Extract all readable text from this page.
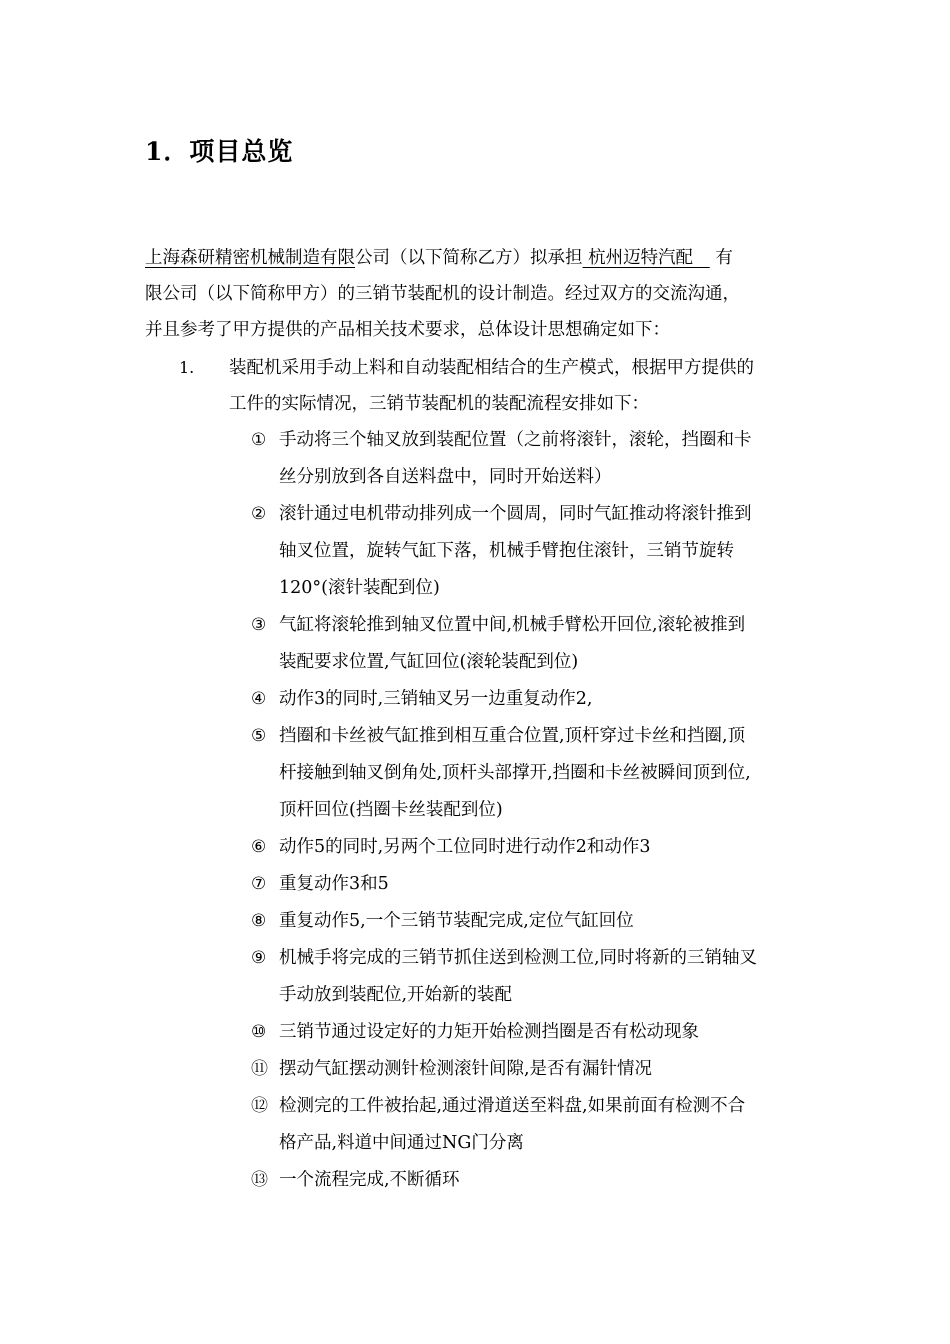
1．项目总览
上海森研精密机械制造有限公司（以下简称乙方）拟承担 杭州迈特汽配    有
限公司（以下简称甲方）的三销节装配机的设计制造。经过双方的交流沟通，
并且参考了甲方提供的产品相关技术要求，总体设计思想确定如下：
1. 装配机采用手动上料和自动装配相结合的生产模式，根据甲方提供的
工件的实际情况，三销节装配机的装配流程安排如下：
① 手动将三个轴叉放到装配位置（之前将滚针，滚轮，挡圈和卡
丝分别放到各自送料盘中，同时开始送料）
② 滚针通过电机带动排列成一个圆周，同时气缸推动将滚针推到
轴叉位置，旋转气缸下落，机械手臂抱住滚针，三销节旋转
120°(滚针装配到位)
③ 气缸将滚轮推到轴叉位置中间,机械手臂松开回位,滚轮被推到
装配要求位置,气缸回位(滚轮装配到位)
④ 动作3的同时,三销轴叉另一边重复动作2,
⑤ 挡圈和卡丝被气缸推到相互重合位置,顶杆穿过卡丝和挡圈,顶
杆接触到轴叉倒角处,顶杆头部撑开,挡圈和卡丝被瞬间顶到位,
顶杆回位(挡圈卡丝装配到位)
⑥ 动作5的同时,另两个工位同时进行动作2和动作3
⑦ 重复动作3和5
⑧ 重复动作5,一个三销节装配完成,定位气缸回位
⑨ 机械手将完成的三销节抓住送到检测工位,同时将新的三销轴叉
手动放到装配位,开始新的装配
⑩ 三销节通过设定好的力矩开始检测挡圈是否有松动现象
⑪ 摆动气缸摆动测针检测滚针间隙,是否有漏针情况
⑫ 检测完的工件被抬起,通过滑道送至料盘,如果前面有检测不合
格产品,料道中间通过NG门分离
⑬ 一个流程完成,不断循环
